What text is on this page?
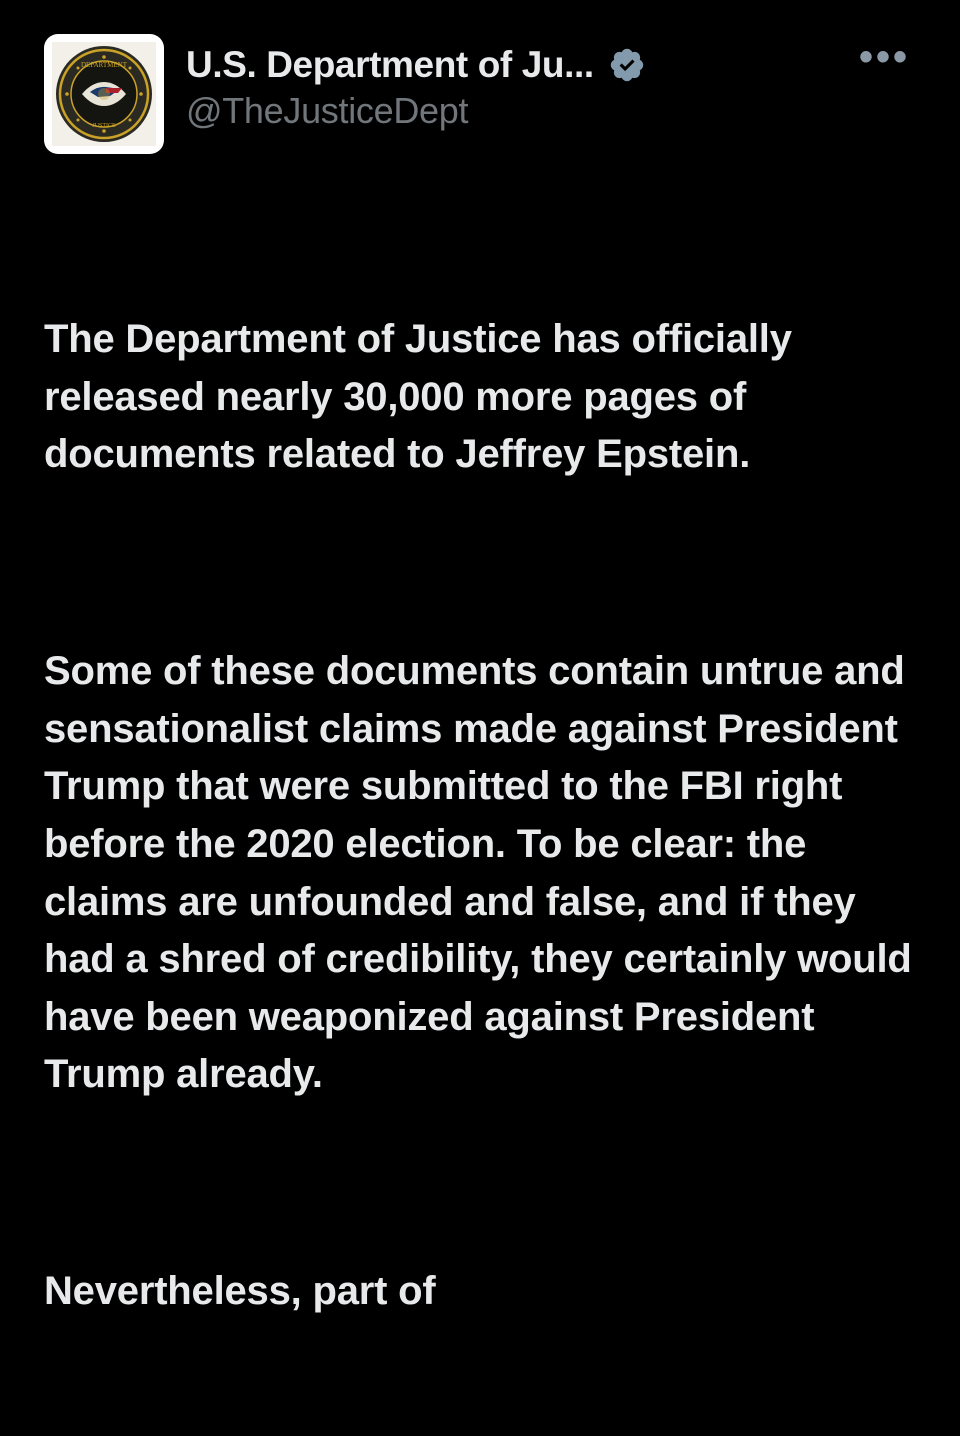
DEPARTMENT
JUSTICE
U.S. Department of Ju...	•••
@TheJusticeDept

The Department of Justice has officially released nearly 30,000 more pages of documents related to Jeffrey Epstein.

Some of these documents contain untrue and sensationalist claims made against President Trump that were submitted to the FBI right before the 2020 election. To be clear: the claims are unfounded and false, and if they had a shred of credibility, they certainly would have been weaponized against President Trump already.

Nevertheless, part of
